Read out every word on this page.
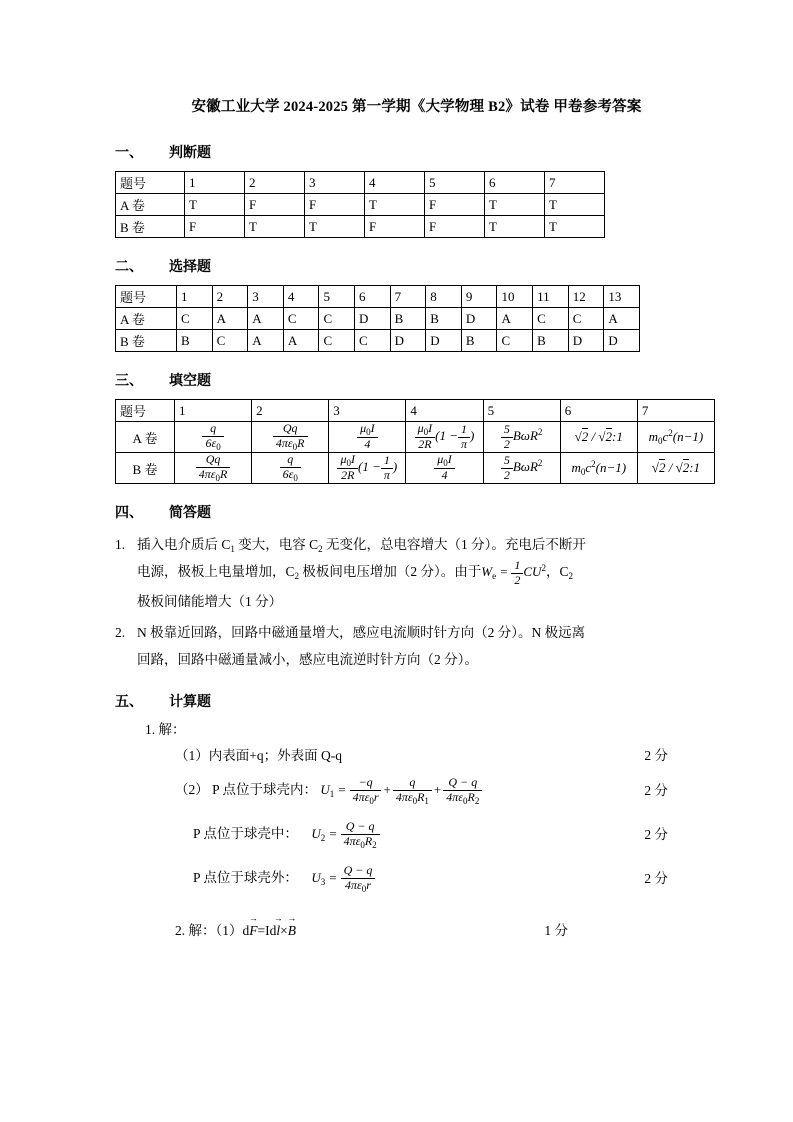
安徽工业大学 2024-2025 第一学期《大学物理 B2》试卷 甲卷参考答案
一、	判断题
题号	1	2	3	4	5	6	7
A 卷	T	F	F	T	F	T	T
B 卷	F	T	T	F	F	T	T
二、	选择题
题号	1	2	3	4	5	6	7	8	9	10	11	12	13
A 卷	C	A	A	C	C	D	B	B	D	A	C	C	A
B 卷	B	C	A	A	C	C	D	D	B	C	B	D	D
三、	填空题
题号	1	2	3	4	5	6	7
A 卷	$\frac{q}{6\varepsilon_0}$	$\frac{Qq}{4\pi\varepsilon_0R}$	$\frac{\mu_0I}{4}$	$\frac{\mu_0I}{2R} (1 - \frac{1}{\pi}$ )	$\frac{5}{2} B\omega R^2$	√2 / √2:1	$m_0c^2(n-1)$
B 卷	$\frac{Qq}{4\pi\varepsilon_0R}$	$\frac{q}{6\varepsilon_0}$	$\frac{\mu_0I}{2R} (1 - \frac{1}{\pi}$ )	$\frac{\mu_0I}{4}$	$\frac{5}{2} B\omega R^2$	$m_0c^2(n-1)$	√2 / √2:1
四、	简答题
1. 插入电介质后 $C_1$ 变大，电容 $C_2$ 无变化，总电容增大（1 分）。充电后不断开
电源，极板上电量增加，$C_2$ 极板间电压增加（2 分）。由于$W_e = \frac{1}{2} CU^2$，$C_2$
极板间储能增大（1 分）
2. N 极靠近回路，回路中磁通量增大，感应电流顺时针方向（2 分）。N 极远离
回路，回路中磁通量减小，感应电流逆时针方向（2 分）。
五、	计算题
1.
解：
（1）内表面+q；外表面 Q-q	2 分
（2） P 点位于球壳内： $U_1 = \frac{-q}{4\pi\varepsilon_0r} + \frac{q}{4\pi\varepsilon_0R_1} + \frac{Q - q}{4\pi\varepsilon_0R_2}$	2 分
P 点位于球壳中： $U_2 = \frac{Q - q}{4\pi\varepsilon_0R_2}$	2 分
P 点位于球壳外： $U_3 = \frac{Q - q}{4\pi\varepsilon_0r}$	2 分
2. 解：（1）dF →=Idl →×B →	1 分
